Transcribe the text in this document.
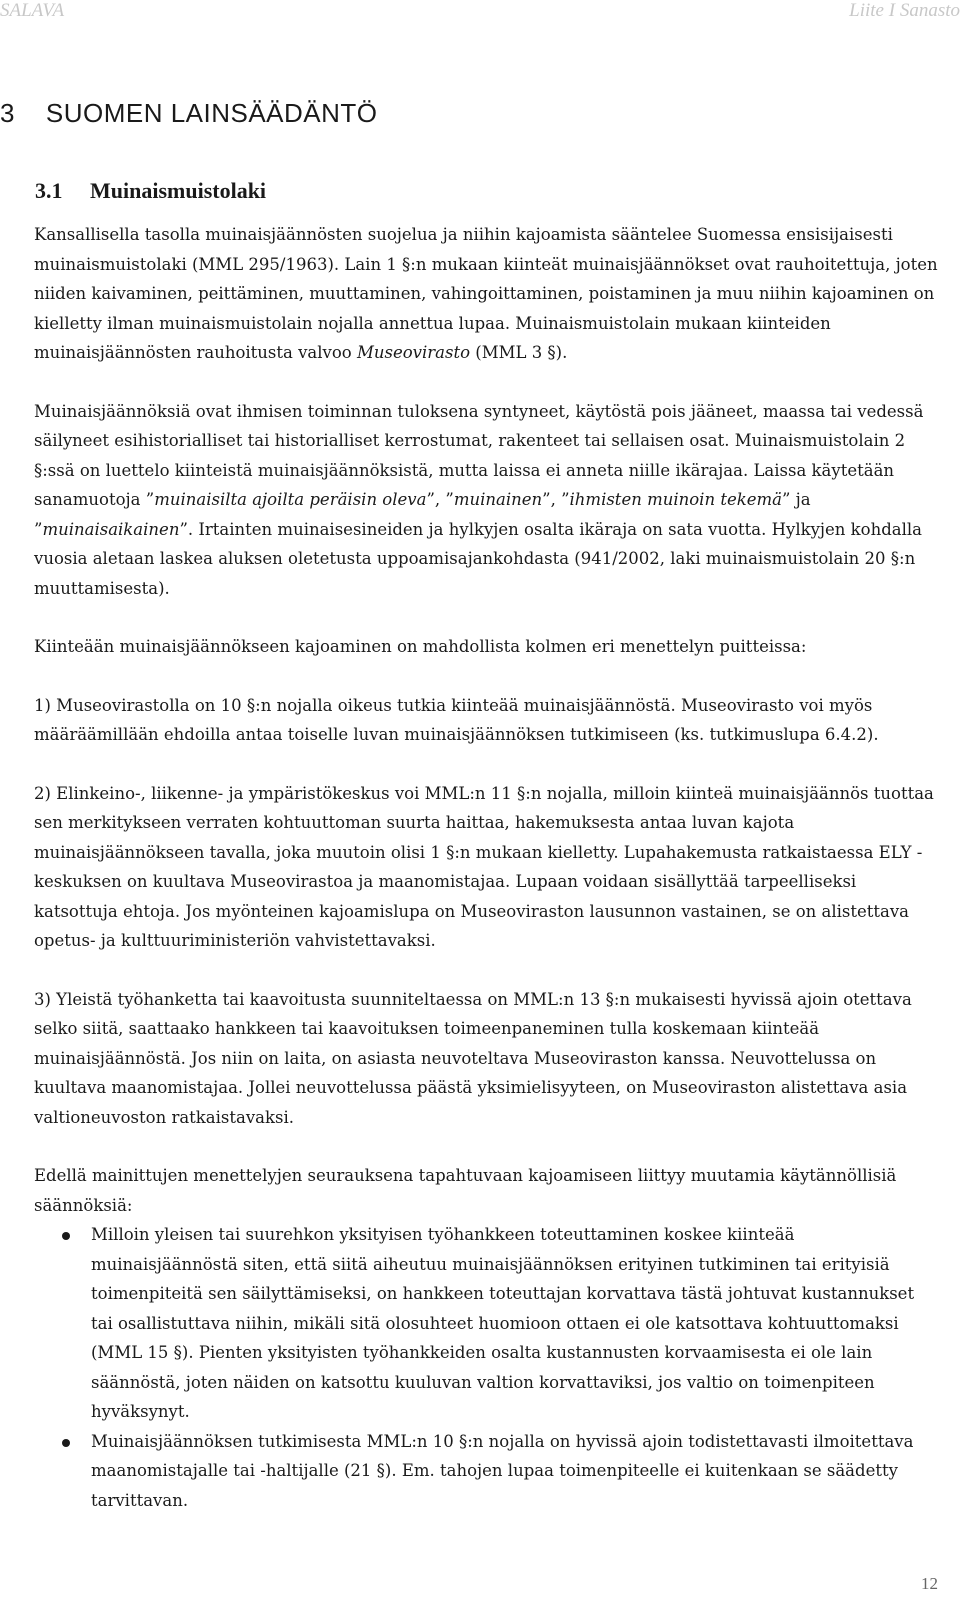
SALAVA	Liite I Sanasto
3    SUOMEN LAINSÄÄDÄNTÖ
3.1 Muinaismuistolaki

Kansallisella tasolla muinaisjäännösten suojelua ja niihin kajoamista sääntelee Suomessa ensisijaisesti muinaismuistolaki (MML 295/1963). Lain 1 §:n mukaan kiinteät muinaisjäännökset ovat rauhoitettuja, joten niiden kaivaminen, peittäminen, muuttaminen, vahingoittaminen, poistaminen ja muu niihin kajoaminen on kielletty ilman muinaismuistolain nojalla annettua lupaa. Muinaismuistolain mukaan kiinteiden muinaisjäännösten rauhoitusta valvoo Museovirasto (MML 3 §).

Muinaisjäännöksiä ovat ihmisen toiminnan tuloksena syntyneet, käytöstä pois jääneet, maassa tai vedessä säilyneet esihistorialliset tai historialliset kerrostumat, rakenteet tai sellaisen osat. Muinaismuistolain 2 §:ssä on luettelo kiinteistä muinaisjäännöksistä, mutta laissa ei anneta niille ikärajaa. Laissa käytetään sanamuotoja ”muinaisilta ajoilta peräisin oleva”, ”muinainen”, ”ihmisten muinoin tekemä” ja ”muinaisaikainen”. Irtainten muinaisesineiden ja hylkyjen osalta ikäraja on sata vuotta. Hylkyjen kohdalla vuosia aletaan laskea aluksen oletetusta uppoamisajankohdasta (941/2002, laki muinaismuistolain 20 §:n muuttamisesta).

Kiinteään muinaisjäännökseen kajoaminen on mahdollista kolmen eri menettelyn puitteissa:

1) Museovirastolla on 10 §:n nojalla oikeus tutkia kiinteää muinaisjäännöstä. Museovirasto voi myös määräämillään ehdoilla antaa toiselle luvan muinaisjäännöksen tutkimiseen (ks. tutkimuslupa 6.4.2).

2) Elinkeino-, liikenne- ja ympäristökeskus voi MML:n 11 §:n nojalla, milloin kiinteä muinaisjäännös tuottaa sen merkitykseen verraten kohtuuttoman suurta haittaa, hakemuksesta antaa luvan kajota muinaisjäännökseen tavalla, joka muutoin olisi 1 §:n mukaan kielletty. Lupahakemusta ratkaistaessa ELY -keskuksen on kuultava Museovirastoa ja maanomistajaa. Lupaan voidaan sisällyttää tarpeelliseksi katsottuja ehtoja. Jos myönteinen kajoamislupa on Museoviraston lausunnon vastainen, se on alistettava opetus- ja kulttuuriministeriön vahvistettavaksi.

3) Yleistä työhanketta tai kaavoitusta suunniteltaessa on MML:n 13 §:n mukaisesti hyvissä ajoin otettava selko siitä, saattaako hankkeen tai kaavoituksen toimeenpaneminen tulla koskemaan kiinteää muinaisjäännöstä. Jos niin on laita, on asiasta neuvoteltava Museoviraston kanssa. Neuvottelussa on kuultava maanomistajaa. Jollei neuvottelussa päästä yksimielisyyteen, on Museoviraston alistettava asia valtioneuvoston ratkaistavaksi.

Edellä mainittujen menettelyjen seurauksena tapahtuvaan kajoamiseen liittyy muutamia käytännöllisiä säännöksiä:

Milloin yleisen tai suurehkon yksityisen työhankkeen toteuttaminen koskee kiinteää muinaisjäännöstä siten, että siitä aiheutuu muinaisjäännöksen erityinen tutkiminen tai erityisiä toimenpiteitä sen säilyttämiseksi, on hankkeen toteuttajan korvattava tästä johtuvat kustannukset tai osallistuttava niihin, mikäli sitä olosuhteet huomioon ottaen ei ole katsottava kohtuuttomaksi (MML 15 §). Pienten yksityisten työhankkeiden osalta kustannusten korvaamisesta ei ole lain säännöstä, joten näiden on katsottu kuuluvan valtion korvattaviksi, jos valtio on toimenpiteen hyväksynyt.
Muinaisjäännöksen tutkimisesta MML:n 10 §:n nojalla on hyvissä ajoin todistettavasti ilmoitettava maanomistajalle tai -haltijalle (21 §). Em. tahojen lupaa toimenpiteelle ei kuitenkaan se säädetty tarvittavan.
12
